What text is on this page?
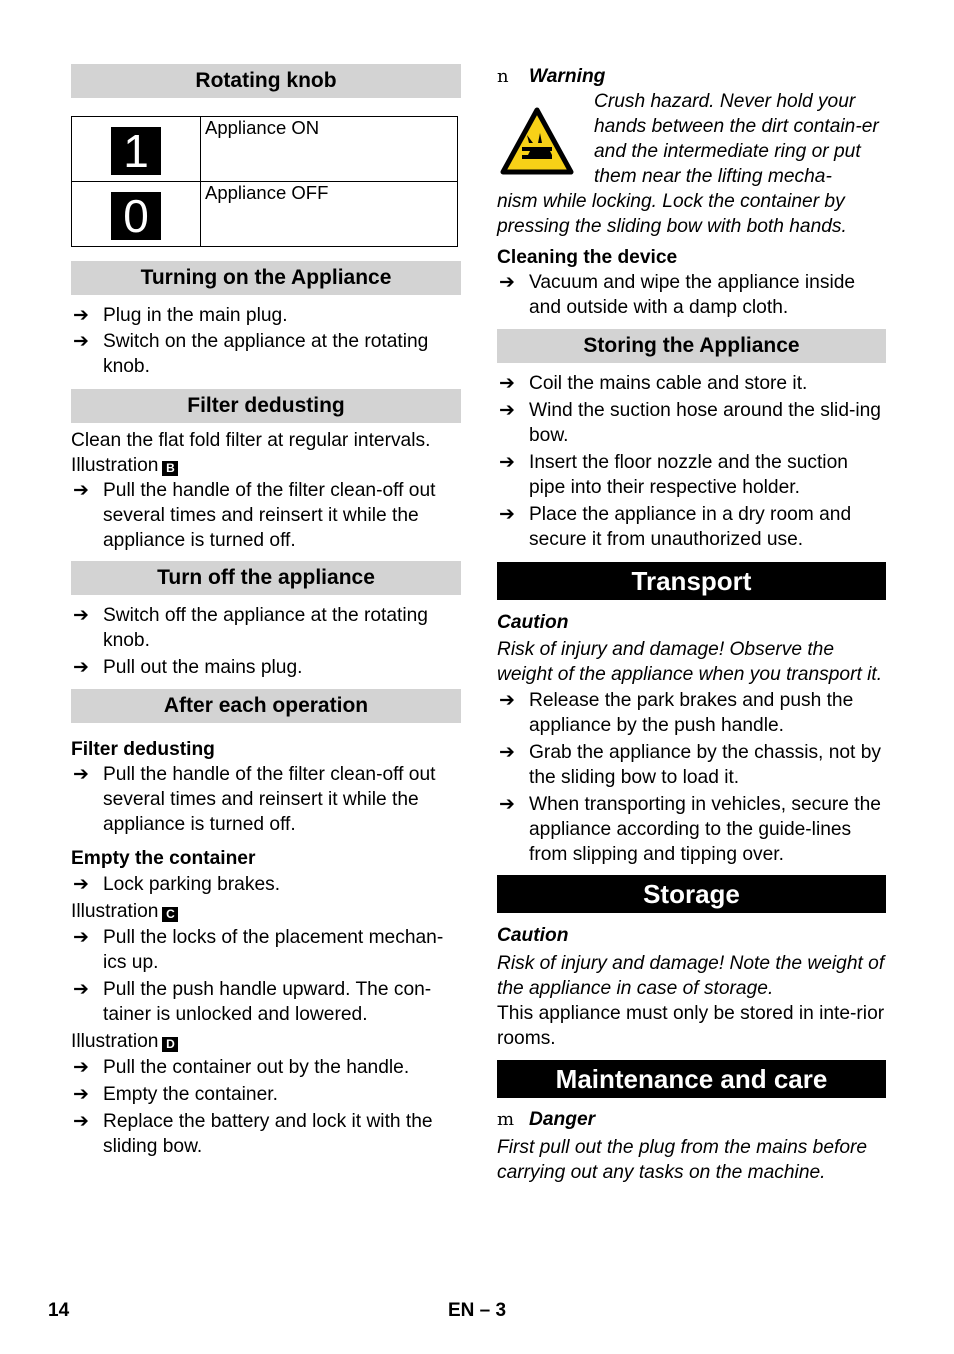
Rotating knob
1	Appliance ON

0	Appliance OFF
Turning on the Appliance
➔ Plug in the main plug.
➔ Switch on the appliance at the rotating knob.
Filter dedusting
Clean the flat fold filter at regular intervals.
Illustration B
➔ Pull the handle of the filter clean-off out several times and reinsert it while the appliance is turned off.
Turn off the appliance
➔ Switch off the appliance at the rotating knob.
➔ Pull out the mains plug.
After each operation
Filter dedusting
➔ Pull the handle of the filter clean-off out several times and reinsert it while the appliance is turned off.
Empty the container
➔ Lock parking brakes.
Illustration C
➔ Pull the locks of the placement mechan-ics up.
➔ Pull the push handle upward. The con-tainer is unlocked and lowered.
Illustration D
➔ Pull the container out by the handle.
➔ Empty the container.
➔ Replace the battery and lock it with the sliding bow.
n Warning
Crush hazard. Never hold your hands between the dirt contain-er and the intermediate ring or put them near the lifting mecha-
nism while locking. Lock the container by pressing the sliding bow with both hands.
Cleaning the device
➔ Vacuum and wipe the appliance inside and outside with a damp cloth.
Storing the Appliance
➔ Coil the mains cable and store it.
➔ Wind the suction hose around the slid-ing bow.
➔ Insert the floor nozzle and the suction pipe into their respective holder.
➔ Place the appliance in a dry room and secure it from unauthorized use.
Transport
Caution
Risk of injury and damage! Observe the weight of the appliance when you transport it.
➔ Release the park brakes and push the appliance by the push handle.
➔ Grab the appliance by the chassis, not by the sliding bow to load it.
➔ When transporting in vehicles, secure the appliance according to the guide-lines from slipping and tipping over.
Storage
Caution
Risk of injury and damage! Note the weight of the appliance in case of storage.
This appliance must only be stored in inte-rior rooms.
Maintenance and care
m Danger
First pull out the plug from the mains before carrying out any tasks on the machine.
14	EN – 3
